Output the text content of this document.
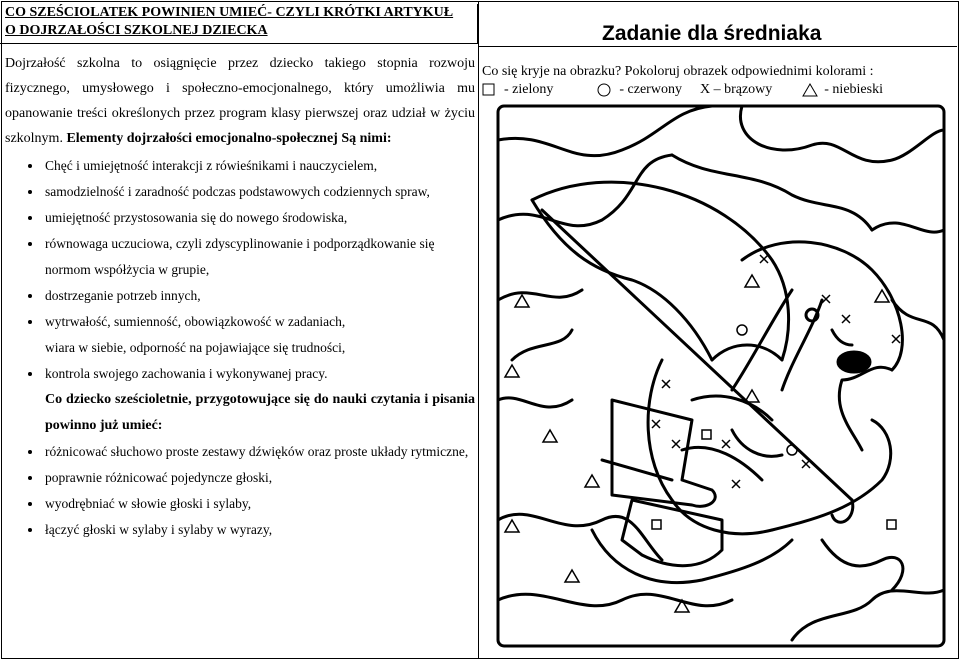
CO SZEŚCIOLATEK POWINIEN UMIEĆ- CZYLI KRÓTKI ARTYKUŁ
O DOJRZAŁOŚCI SZKOLNEJ DZIECKA
Dojrzałość szkolna to osiągnięcie przez dziecko takiego stopnia rozwoju fizycznego, umysłowego i społeczno-emocjonalnego, który umożliwia mu opanowanie treści określonych przez program klasy pierwszej oraz udział w życiu szkolnym. Elementy dojrzałości emocjonalno-społecznej Są nimi:
Chęć i umiejętność interakcji z rówieśnikami i nauczycielem,
samodzielność i zaradność podczas podstawowych codziennych spraw,
umiejętność przystosowania się do nowego środowiska,
równowaga uczuciowa, czyli zdyscyplinowanie i podporządkowanie się normom współżycia w grupie,
dostrzeganie potrzeb innych,
wytrwałość, sumienność, obowiązkowość w zadaniach,
wiara w siebie, odporność na pojawiające się trudności,
kontrola swojego zachowania i wykonywanej pracy.
Co dziecko sześcioletnie, przygotowujące się do nauki czytania i pisania powinno już umieć:
różnicować słuchowo proste zestawy dźwięków oraz proste układy rytmiczne,
poprawnie różnicować pojedyncze głoski,
wyodrębniać w słowie głoski i sylaby,
łączyć głoski w sylaby i sylaby w wyrazy,
Zadanie dla średniaka
Co się kryje na obrazku? Pokoloruj obrazek odpowiednimi kolorami :
- zielony	- czerwony X – brązowy	- niebieski
